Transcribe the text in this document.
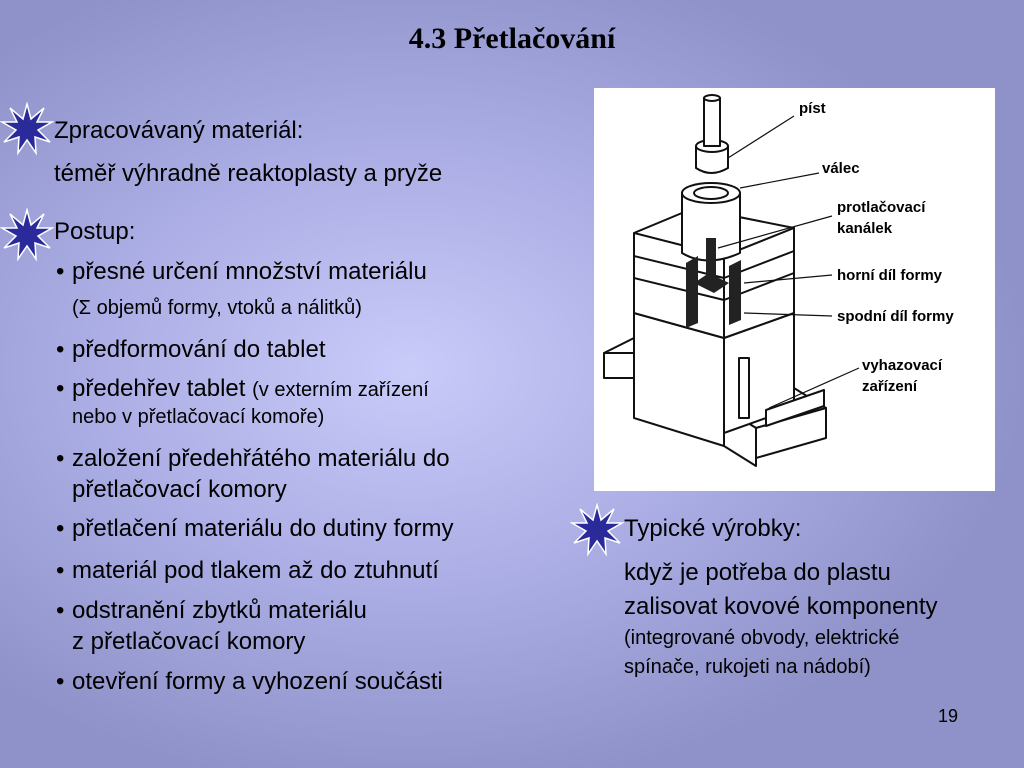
4.3 Přetlačování
Zpracovávaný materiál:
téměř výhradně reaktoplasty a pryže
Postup:
• přesné určení množství materiálu
(Σ objemů formy, vtoků a nálitků)
• předformování do tablet
• předehřev tablet (v externím zařízení
nebo v přetlačovací komoře)
• založení předehřátého materiálu do
přetlačovací komory
• přetlačení materiálu do dutiny formy
• materiál pod tlakem až do ztuhnutí
• odstranění zbytků materiálu
z přetlačovací komory
• otevření formy a vyhození součásti
píst
válec
protlačovací
kanálek
horní díl formy
spodní díl formy
vyhazovací
zařízení
Typické výrobky:
když je potřeba do plastu
zalisovat kovové komponenty
(integrované obvody, elektrické
spínače, rukojeti na nádobí)
19
